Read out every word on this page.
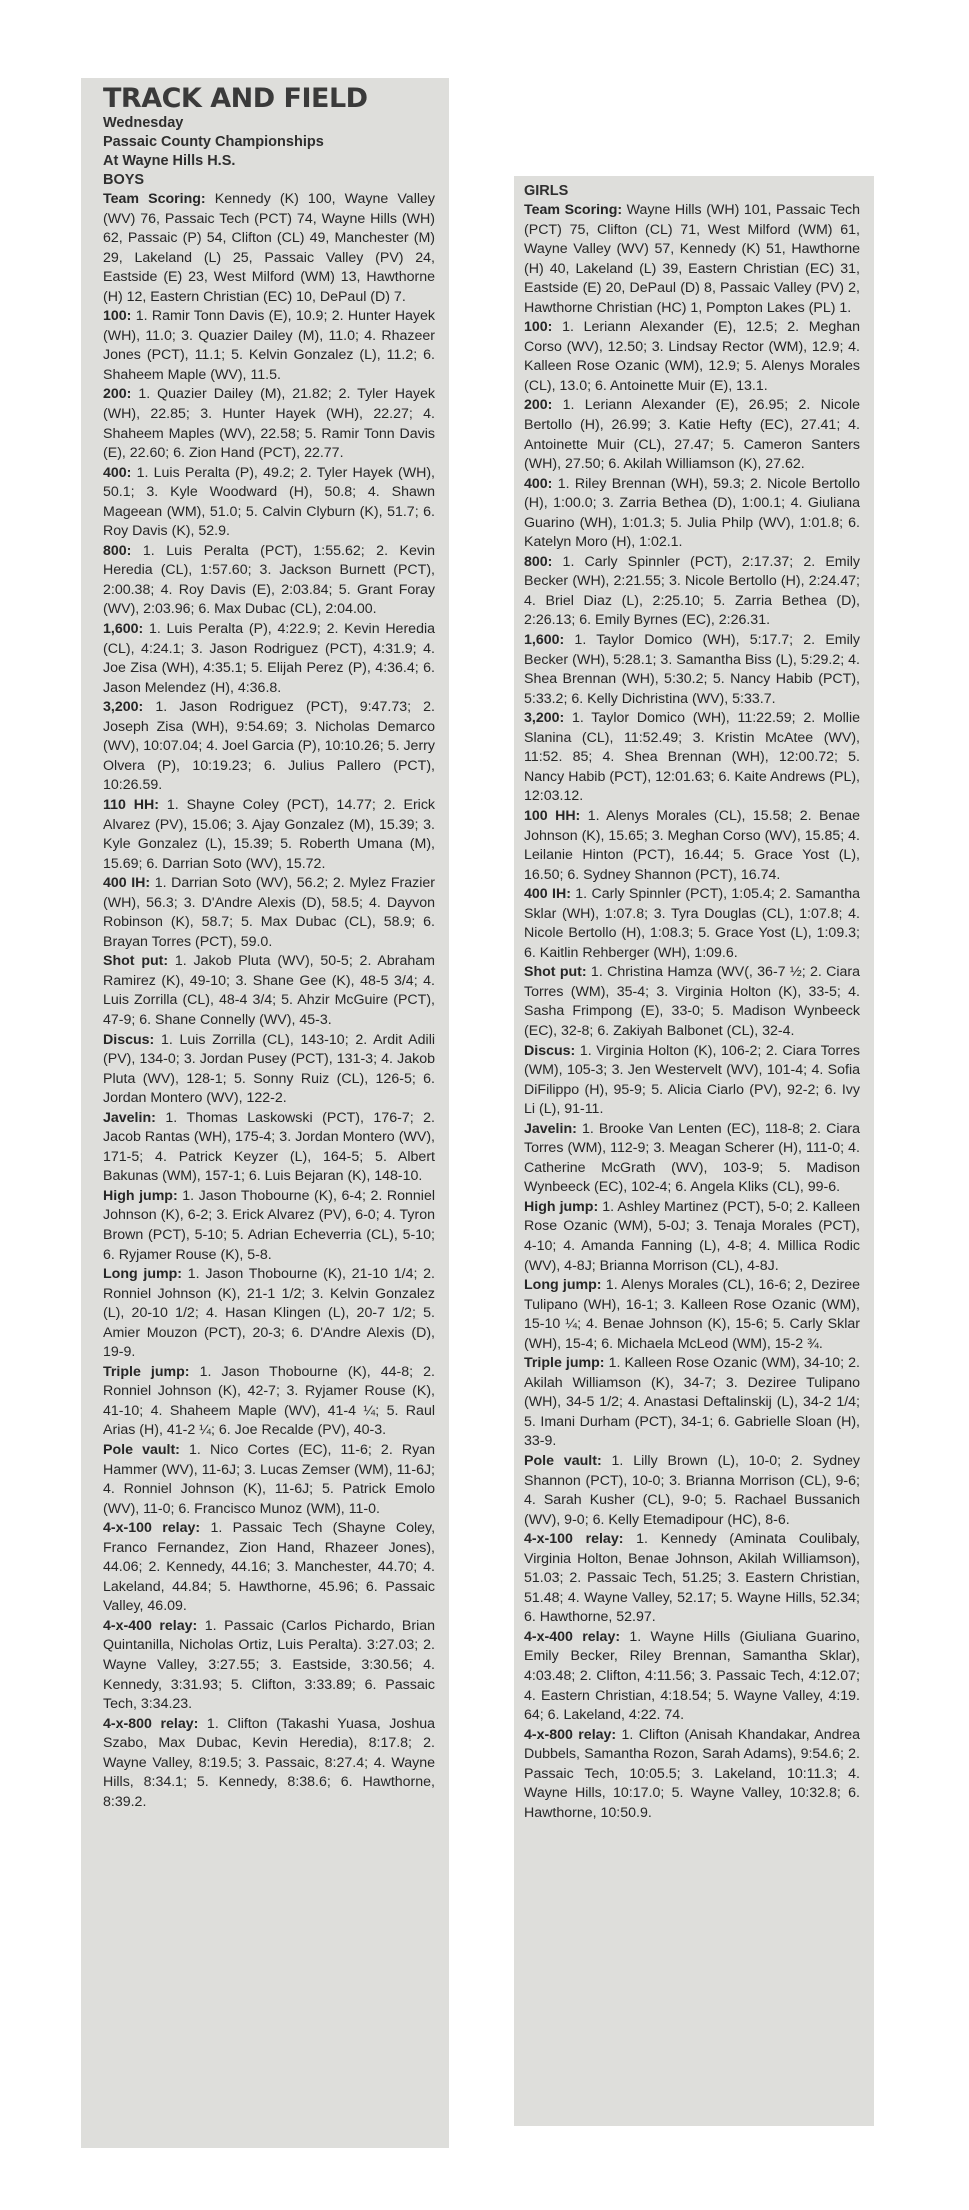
TRACK AND FIELD
Wednesday
Passaic County Championships
At Wayne Hills H.S.
BOYS

Team Scoring: Kennedy (K) 100, Wayne Valley (WV) 76, Passaic Tech (PCT) 74, Wayne Hills (WH) 62, Passaic (P) 54, Clifton (CL) 49, Manchester (M) 29, Lakeland (L) 25, Passaic Valley (PV) 24, Eastside (E) 23, West Milford (WM) 13, Hawthorne (H) 12, Eastern Christian (EC) 10, DePaul (D) 7.

100: 1. Ramir Tonn Davis (E), 10.9; 2. Hunter Hayek (WH), 11.0; 3. Quazier Dailey (M), 11.0; 4. Rhazeer Jones (PCT), 11.1; 5. Kelvin Gonzalez (L), 11.2; 6. Shaheem Maple (WV), 11.5.

200: 1. Quazier Dailey (M), 21.82; 2. Tyler Hayek (WH), 22.85; 3. Hunter Hayek (WH), 22.27; 4. Shaheem Maples (WV), 22.58; 5. Ramir Tonn Davis (E), 22.60; 6. Zion Hand (PCT), 22.77.

400: 1. Luis Peralta (P), 49.2; 2. Tyler Hayek (WH), 50.1; 3. Kyle Woodward (H), 50.8; 4. Shawn Mageean (WM), 51.0; 5. Calvin Clyburn (K), 51.7; 6. Roy Davis (K), 52.9.

800: 1. Luis Peralta (PCT), 1:55.62; 2. Kevin Heredia (CL), 1:57.60; 3. Jackson Burnett (PCT), 2:00.38; 4. Roy Davis (E), 2:03.84; 5. Grant Foray (WV), 2:03.96; 6. Max Dubac (CL), 2:04.00.

1,600: 1. Luis Peralta (P), 4:22.9; 2. Kevin Heredia (CL), 4:24.1; 3. Jason Rodriguez (PCT), 4:31.9; 4. Joe Zisa (WH), 4:35.1; 5. Elijah Perez (P), 4:36.4; 6. Jason Melendez (H), 4:36.8.

3,200: 1. Jason Rodriguez (PCT), 9:47.73; 2. Joseph Zisa (WH), 9:54.69; 3. Nicholas Demarco (WV), 10:07.04; 4. Joel Garcia (P), 10:10.26; 5. Jerry Olvera (P), 10:19.23; 6. Julius Pallero (PCT), 10:26.59.

110 HH: 1. Shayne Coley (PCT), 14.77; 2. Erick Alvarez (PV), 15.06; 3. Ajay Gonzalez (M), 15.39; 3. Kyle Gonzalez (L), 15.39; 5. Roberth Umana (M), 15.69; 6. Darrian Soto (WV), 15.72.

400 IH: 1. Darrian Soto (WV), 56.2; 2. Mylez Frazier (WH), 56.3; 3. D'Andre Alexis (D), 58.5; 4. Dayvon Robinson (K), 58.7; 5. Max Dubac (CL), 58.9; 6. Brayan Torres (PCT), 59.0.

Shot put: 1. Jakob Pluta (WV), 50-5; 2. Abraham Ramirez (K), 49-10; 3. Shane Gee (K), 48-5 3/4; 4. Luis Zorrilla (CL), 48-4 3/4; 5. Ahzir McGuire (PCT), 47-9; 6. Shane Connelly (WV), 45-3.

Discus: 1. Luis Zorrilla (CL), 143-10; 2. Ardit Adili (PV), 134-0; 3. Jordan Pusey (PCT), 131-3; 4. Jakob Pluta (WV), 128-1; 5. Sonny Ruiz (CL), 126-5; 6. Jordan Montero (WV), 122-2.

Javelin: 1. Thomas Laskowski (PCT), 176-7; 2. Jacob Rantas (WH), 175-4; 3. Jordan Montero (WV), 171-5; 4. Patrick Keyzer (L), 164-5; 5. Albert Bakunas (WM), 157-1; 6. Luis Bejaran (K), 148-10.

High jump: 1. Jason Thobourne (K), 6-4; 2. Ronniel Johnson (K), 6-2; 3. Erick Alvarez (PV), 6-0; 4. Tyron Brown (PCT), 5-10; 5. Adrian Echeverria (CL), 5-10; 6. Ryjamer Rouse (K), 5-8.

Long jump: 1. Jason Thobourne (K), 21-10 1/4; 2. Ronniel Johnson (K), 21-1 1/2; 3. Kelvin Gonzalez (L), 20-10 1/2; 4. Hasan Klingen (L), 20-7 1/2; 5. Amier Mouzon (PCT), 20-3; 6. D'Andre Alexis (D), 19-9.

Triple jump: 1. Jason Thobourne (K), 44-8; 2. Ronniel Johnson (K), 42-7; 3. Ryjamer Rouse (K), 41-10; 4. Shaheem Maple (WV), 41-4 ¼; 5. Raul Arias (H), 41-2 ¼; 6. Joe Recalde (PV), 40-3.

Pole vault: 1. Nico Cortes (EC), 11-6; 2. Ryan Hammer (WV), 11-6J; 3. Lucas Zemser (WM), 11-6J; 4. Ronniel Johnson (K), 11-6J; 5. Patrick Emolo (WV), 11-0; 6. Francisco Munoz (WM), 11-0.

4-x-100 relay: 1. Passaic Tech (Shayne Coley, Franco Fernandez, Zion Hand, Rhazeer Jones), 44.06; 2. Kennedy, 44.16; 3. Manchester, 44.70; 4. Lakeland, 44.84; 5. Hawthorne, 45.96; 6. Passaic Valley, 46.09.

4-x-400 relay: 1. Passaic (Carlos Pichardo, Brian Quintanilla, Nicholas Ortiz, Luis Peralta). 3:27.03; 2. Wayne Valley, 3:27.55; 3. Eastside, 3:30.56; 4. Kennedy, 3:31.93; 5. Clifton, 3:33.89; 6. Passaic Tech, 3:34.23.

4-x-800 relay: 1. Clifton (Takashi Yuasa, Joshua Szabo, Max Dubac, Kevin Heredia), 8:17.8; 2. Wayne Valley, 8:19.5; 3. Passaic, 8:27.4; 4. Wayne Hills, 8:34.1; 5. Kennedy, 8:38.6; 6. Hawthorne, 8:39.2.

GIRLS

Team Scoring: Wayne Hills (WH) 101, Passaic Tech (PCT) 75, Clifton (CL) 71, West Milford (WM) 61, Wayne Valley (WV) 57, Kennedy (K) 51, Hawthorne (H) 40, Lakeland (L) 39, Eastern Christian (EC) 31, Eastside (E) 20, DePaul (D) 8, Passaic Valley (PV) 2, Hawthorne Christian (HC) 1, Pompton Lakes (PL) 1.

100: 1. Leriann Alexander (E), 12.5; 2. Meghan Corso (WV), 12.50; 3. Lindsay Rector (WM), 12.9; 4. Kalleen Rose Ozanic (WM), 12.9; 5. Alenys Morales (CL), 13.0; 6. Antoinette Muir (E), 13.1.

200: 1. Leriann Alexander (E), 26.95; 2. Nicole Bertollo (H), 26.99; 3. Katie Hefty (EC), 27.41; 4. Antoinette Muir (CL), 27.47; 5. Cameron Santers (WH), 27.50; 6. Akilah Williamson (K), 27.62.

400: 1. Riley Brennan (WH), 59.3; 2. Nicole Bertollo (H), 1:00.0; 3. Zarria Bethea (D), 1:00.1; 4. Giuliana Guarino (WH), 1:01.3; 5. Julia Philp (WV), 1:01.8; 6. Katelyn Moro (H), 1:02.1.

800: 1. Carly Spinnler (PCT), 2:17.37; 2. Emily Becker (WH), 2:21.55; 3. Nicole Bertollo (H), 2:24.47; 4. Briel Diaz (L), 2:25.10; 5. Zarria Bethea (D), 2:26.13; 6. Emily Byrnes (EC), 2:26.31.

1,600: 1. Taylor Domico (WH), 5:17.7; 2. Emily Becker (WH), 5:28.1; 3. Samantha Biss (L), 5:29.2; 4. Shea Brennan (WH), 5:30.2; 5. Nancy Habib (PCT), 5:33.2; 6. Kelly Dichristina (WV), 5:33.7.

3,200: 1. Taylor Domico (WH), 11:22.59; 2. Mollie Slanina (CL), 11:52.49; 3. Kristin McAtee (WV), 11:52. 85; 4. Shea Brennan (WH), 12:00.72; 5. Nancy Habib (PCT), 12:01.63; 6. Kaite Andrews (PL), 12:03.12.

100 HH: 1. Alenys Morales (CL), 15.58; 2. Benae Johnson (K), 15.65; 3. Meghan Corso (WV), 15.85; 4. Leilanie Hinton (PCT), 16.44; 5. Grace Yost (L), 16.50; 6. Sydney Shannon (PCT), 16.74.

400 IH: 1. Carly Spinnler (PCT), 1:05.4; 2. Samantha Sklar (WH), 1:07.8; 3. Tyra Douglas (CL), 1:07.8; 4. Nicole Bertollo (H), 1:08.3; 5. Grace Yost (L), 1:09.3; 6. Kaitlin Rehberger (WH), 1:09.6.

Shot put: 1. Christina Hamza (WV(, 36-7 ½; 2. Ciara Torres (WM), 35-4; 3. Virginia Holton (K), 33-5; 4. Sasha Frimpong (E), 33-0; 5. Madison Wynbeeck (EC), 32-8; 6. Zakiyah Balbonet (CL), 32-4.

Discus: 1. Virginia Holton (K), 106-2; 2. Ciara Torres (WM), 105-3; 3. Jen Westervelt (WV), 101-4; 4. Sofia DiFilippo (H), 95-9; 5. Alicia Ciarlo (PV), 92-2; 6. Ivy Li (L), 91-11.

Javelin: 1. Brooke Van Lenten (EC), 118-8; 2. Ciara Torres (WM), 112-9; 3. Meagan Scherer (H), 111-0; 4. Catherine McGrath (WV), 103-9; 5. Madison Wynbeeck (EC), 102-4; 6. Angela Kliks (CL), 99-6.

High jump: 1. Ashley Martinez (PCT), 5-0; 2. Kalleen Rose Ozanic (WM), 5-0J; 3. Tenaja Morales (PCT), 4-10; 4. Amanda Fanning (L), 4-8; 4. Millica Rodic (WV), 4-8J; Brianna Morrison (CL), 4-8J.

Long jump: 1. Alenys Morales (CL), 16-6; 2, Deziree Tulipano (WH), 16-1; 3. Kalleen Rose Ozanic (WM), 15-10 ¼; 4. Benae Johnson (K), 15-6; 5. Carly Sklar (WH), 15-4; 6. Michaela McLeod (WM), 15-2 ¾.

Triple jump: 1. Kalleen Rose Ozanic (WM), 34-10; 2. Akilah Williamson (K), 34-7; 3. Deziree Tulipano (WH), 34-5 1/2; 4. Anastasi Deftalinskij (L), 34-2 1/4; 5. Imani Durham (PCT), 34-1; 6. Gabrielle Sloan (H), 33-9.

Pole vault: 1. Lilly Brown (L), 10-0; 2. Sydney Shannon (PCT), 10-0; 3. Brianna Morrison (CL), 9-6; 4. Sarah Kusher (CL), 9-0; 5. Rachael Bussanich (WV), 9-0; 6. Kelly Etemadipour (HC), 8-6.

4-x-100 relay: 1. Kennedy (Aminata Coulibaly, Virginia Holton, Benae Johnson, Akilah Williamson), 51.03; 2. Passaic Tech, 51.25; 3. Eastern Christian, 51.48; 4. Wayne Valley, 52.17; 5. Wayne Hills, 52.34; 6. Hawthorne, 52.97.

4-x-400 relay: 1. Wayne Hills (Giuliana Guarino, Emily Becker, Riley Brennan, Samantha Sklar), 4:03.48; 2. Clifton, 4:11.56; 3. Passaic Tech, 4:12.07; 4. Eastern Christian, 4:18.54; 5. Wayne Valley, 4:19. 64; 6. Lakeland, 4:22. 74.

4-x-800 relay: 1. Clifton (Anisah Khandakar, Andrea Dubbels, Samantha Rozon, Sarah Adams), 9:54.6; 2. Passaic Tech, 10:05.5; 3. Lakeland, 10:11.3; 4. Wayne Hills, 10:17.0; 5. Wayne Valley, 10:32.8; 6. Hawthorne, 10:50.9.
